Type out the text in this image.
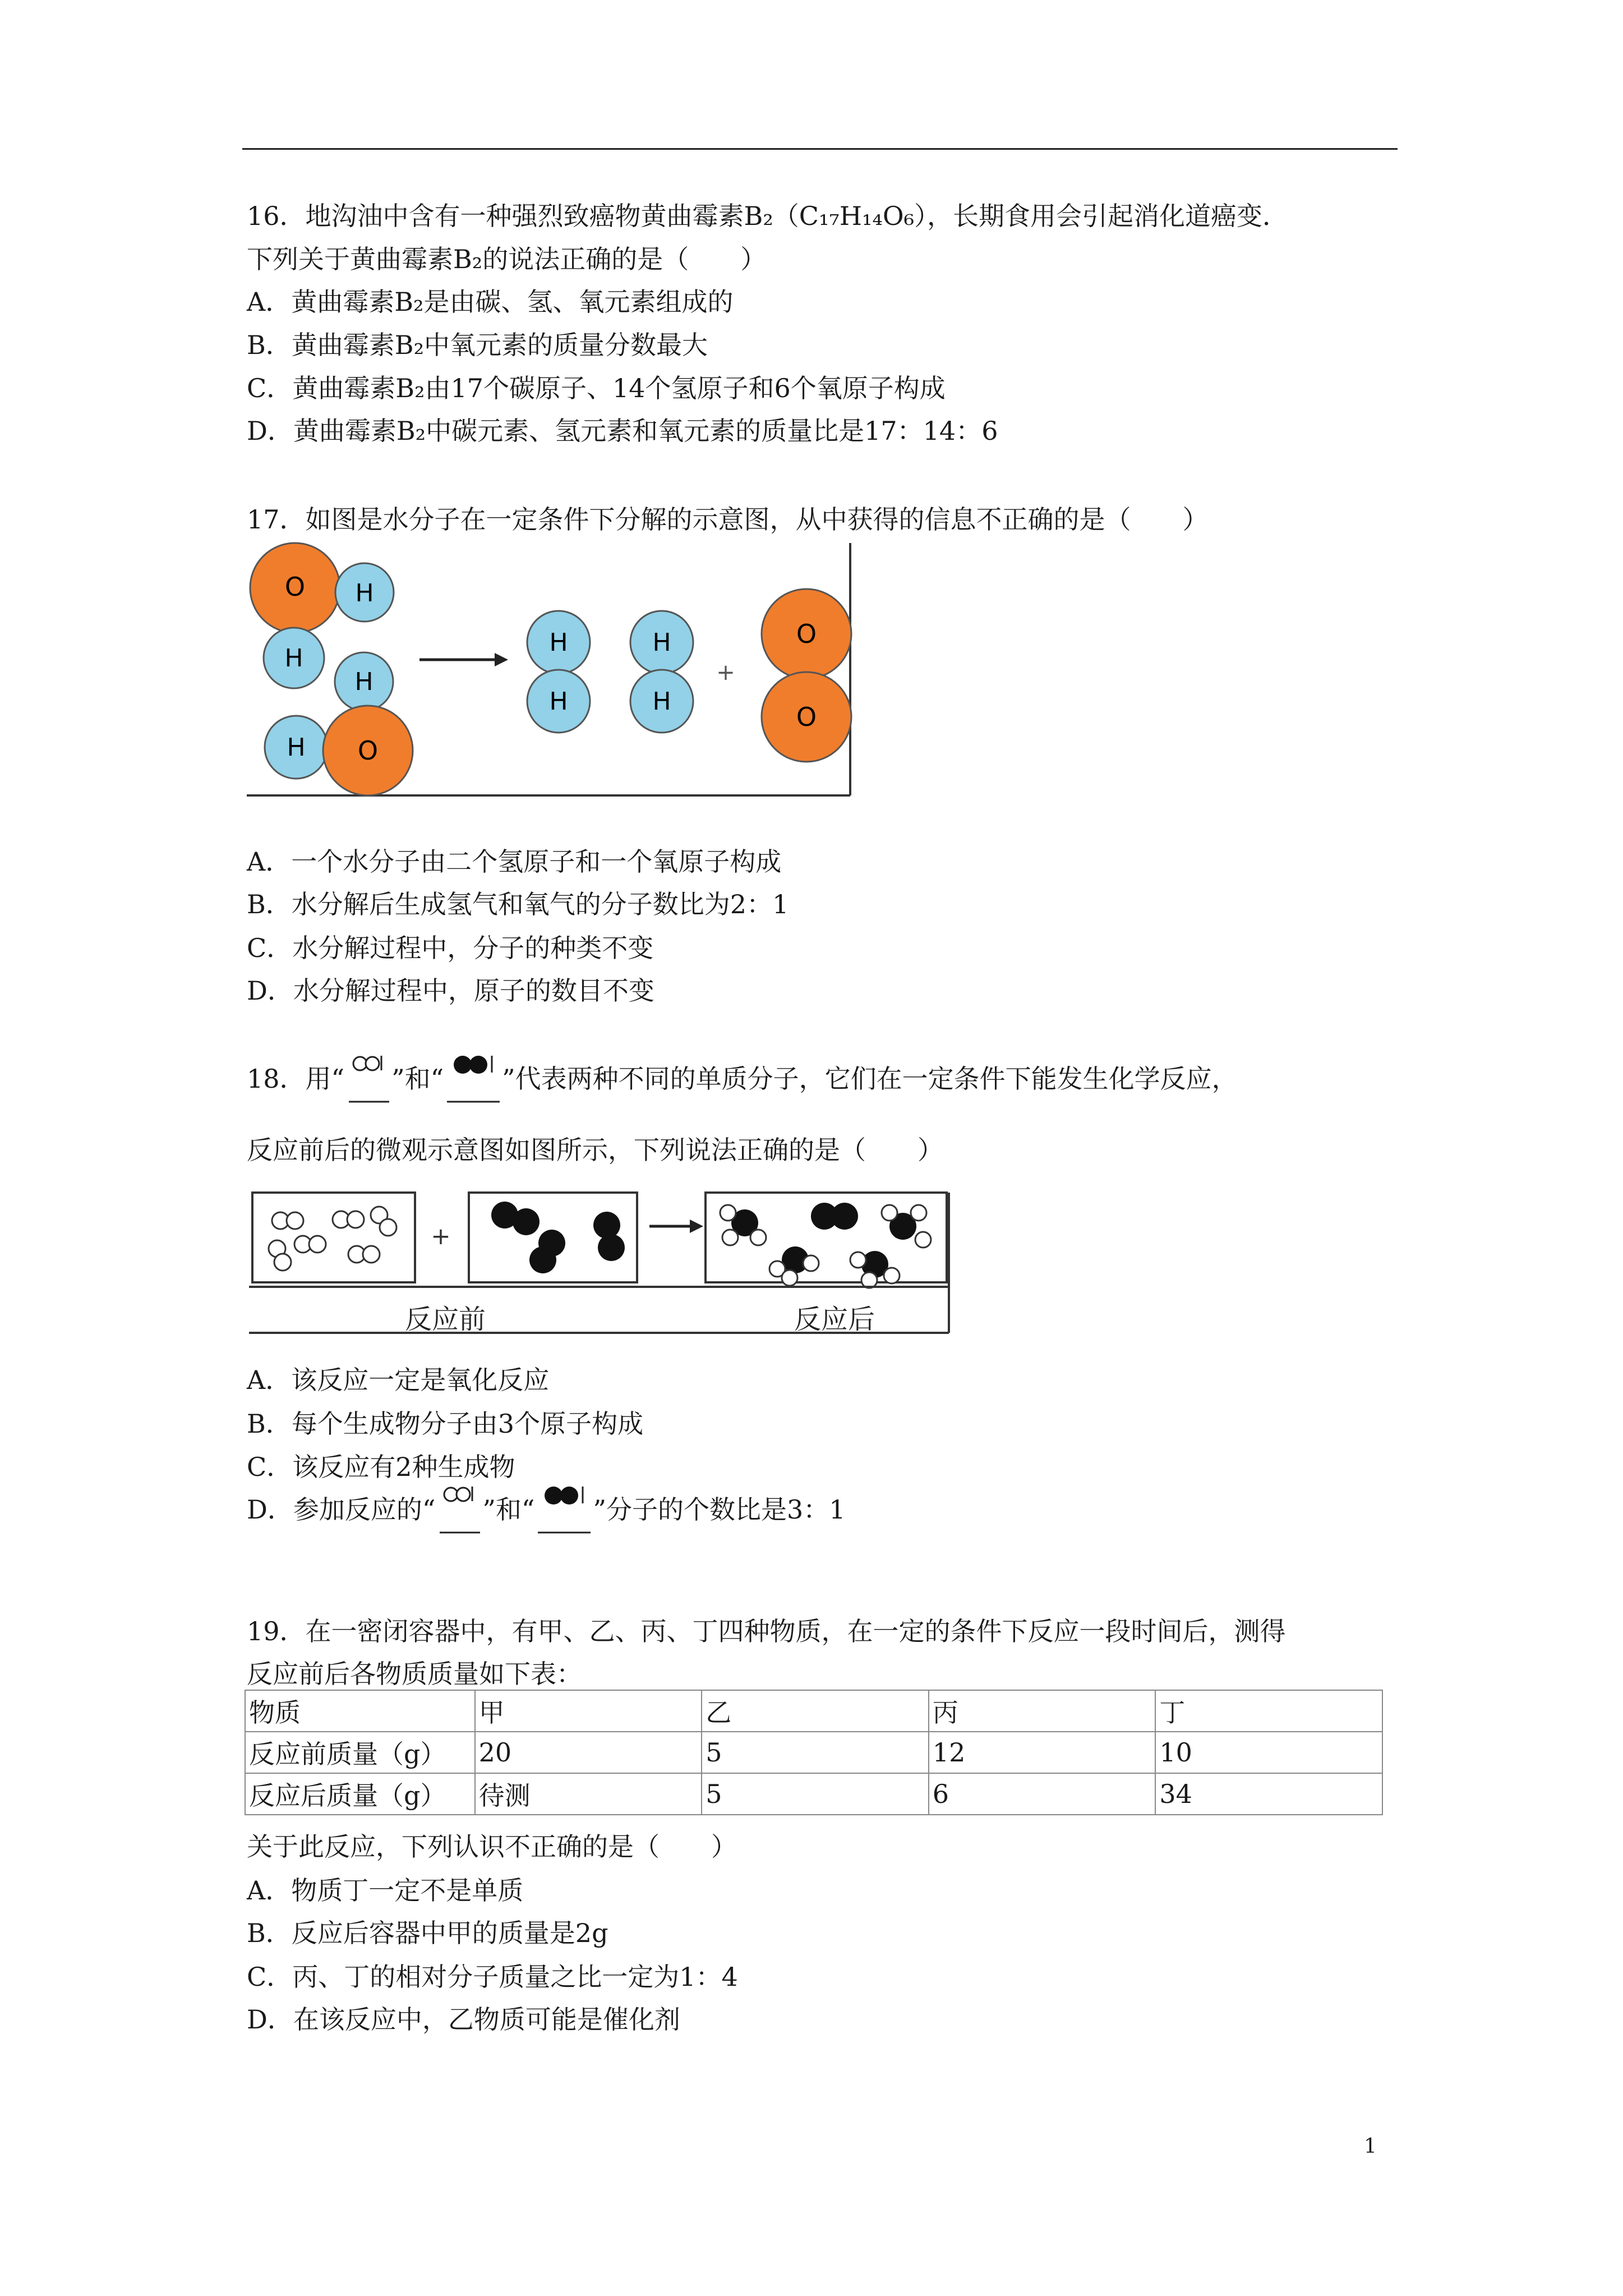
16．地沟油中含有一种强烈致癌物黄曲霉素B₂（C₁₇H₁₄O₆），长期食用会引起消化道癌变．
下列关于黄曲霉素B₂的说法正确的是（　　）
A．黄曲霉素B₂是由碳、氢、氧元素组成的
B．黄曲霉素B₂中氧元素的质量分数最大
C．黄曲霉素B₂由17个碳原子、14个氢原子和6个氧原子构成
D．黄曲霉素B₂中碳元素、氢元素和氧元素的质量比是17：14：6
17．如图是水分子在一定条件下分解的示意图，从中获得的信息不正确的是（　　）
O H
H
H
H O
H
H
H
H
+
O
O
A．一个水分子由二个氢原子和一个氧原子构成
B．水分解后生成氢气和氧气的分子数比为2：1
C．水分解过程中，分子的种类不变
D．水分解过程中，原子的数目不变
18．用“ ”和“ ”代表两种不同的单质分子，它们在一定条件下能发生化学反应，
反应前后的微观示意图如图所示，下列说法正确的是（　　）
+
反应前	反应后
A．该反应一定是氧化反应
B．每个生成物分子由3个原子构成
C．该反应有2种生成物
D．参加反应的“ ”和“ ”分子的个数比是3：1
19．在一密闭容器中，有甲、乙、丙、丁四种物质，在一定的条件下反应一段时间后，测得
反应前后各物质质量如下表：
物质	甲	乙	丙	丁
反应前质量（g）	20	5	12	10
反应后质量（g）	待测	5	6	34
关于此反应，下列认识不正确的是（　　）
A．物质丁一定不是单质
B．反应后容器中甲的质量是2g
C．丙、丁的相对分子质量之比一定为1：4
D．在该反应中，乙物质可能是催化剂
1
